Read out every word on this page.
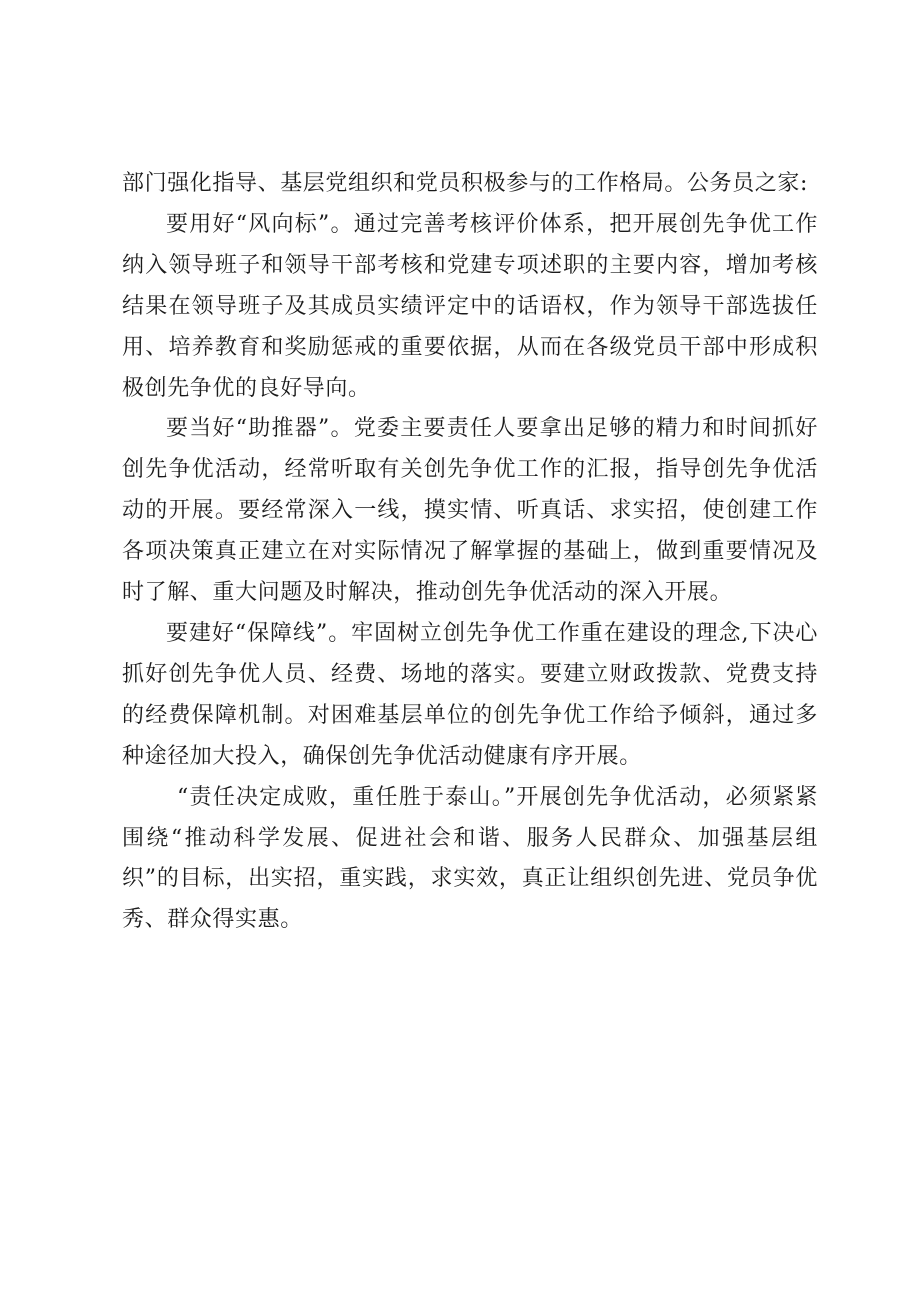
部门强化指导、基层党组织和党员积极参与的工作格局。公务员之家:

要用好“风向标”。通过完善考核评价体系，把开展创先争优工作纳入领导班子和领导干部考核和党建专项述职的主要内容，增加考核结果在领导班子及其成员实绩评定中的话语权，作为领导干部选拔任用、培养教育和奖励惩戒的重要依据，从而在各级党员干部中形成积极创先争优的良好导向。

要当好“助推器”。党委主要责任人要拿出足够的精力和时间抓好创先争优活动，经常听取有关创先争优工作的汇报，指导创先争优活动的开展。要经常深入一线，摸实情、听真话、求实招，使创建工作各项决策真正建立在对实际情况了解掌握的基础上，做到重要情况及时了解、重大问题及时解决，推动创先争优活动的深入开展。

要建好“保障线”。牢固树立创先争优工作重在建设的理念,下决心抓好创先争优人员、经费、场地的落实。要建立财政拨款、党费支持的经费保障机制。对困难基层单位的创先争优工作给予倾斜，通过多种途径加大投入，确保创先争优活动健康有序开展。

“责任决定成败，重任胜于泰山。”开展创先争优活动，必须紧紧围绕“推动科学发展、促进社会和谐、服务人民群众、加强基层组织”的目标，出实招，重实践，求实效，真正让组织创先进、党员争优秀、群众得实惠。
